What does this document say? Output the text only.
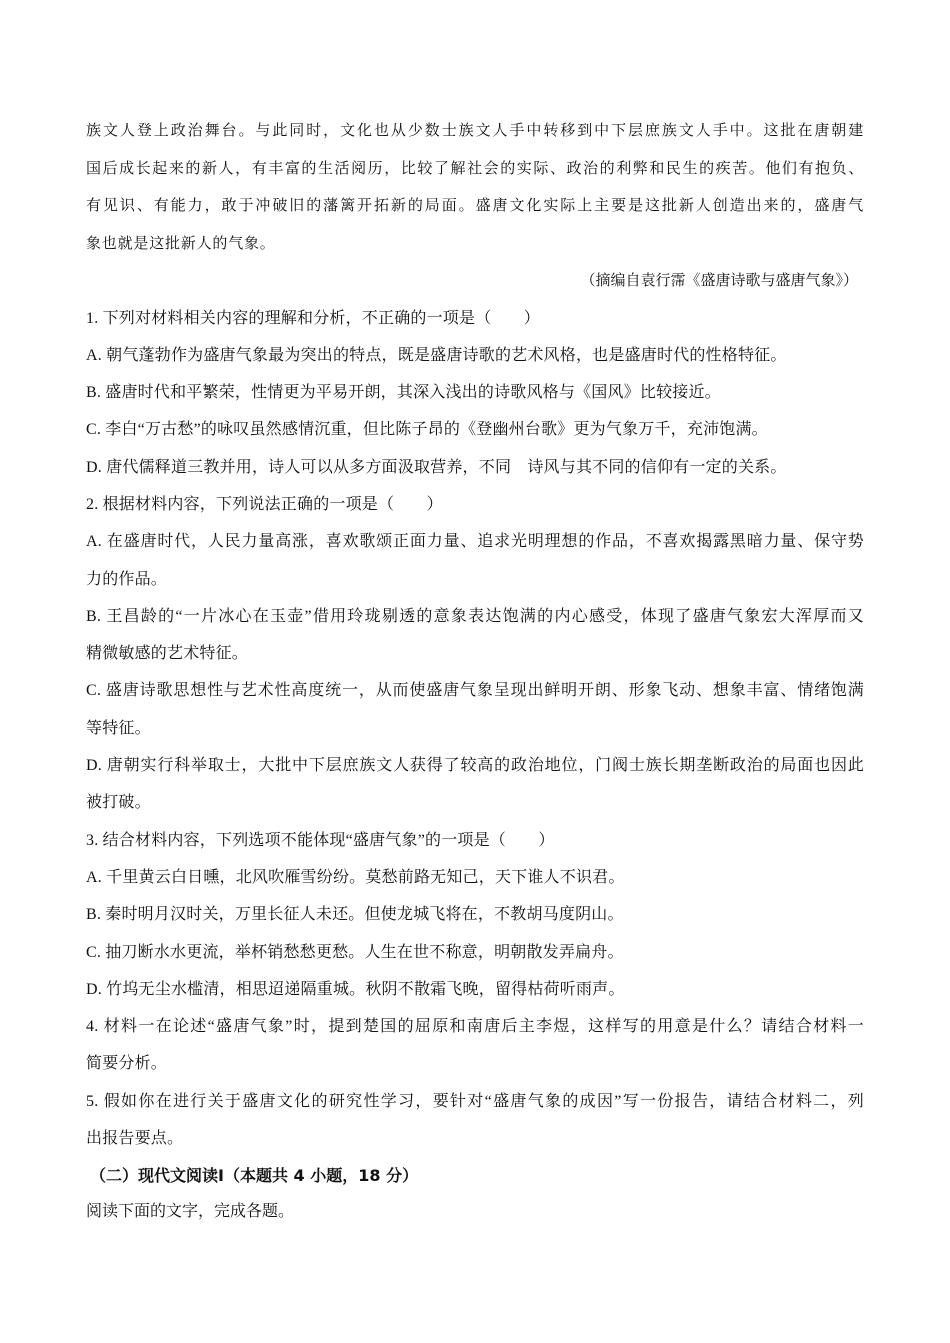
族文人登上政治舞台。与此同时，文化也从少数士族文人手中转移到中下层庶族文人手中。这批在唐朝建

国后成长起来的新人，有丰富的生活阅历，比较了解社会的实际、政治的利弊和民生的疾苦。他们有抱负、

有见识、有能力，敢于冲破旧的藩篱开拓新的局面。盛唐文化实际上主要是这批新人创造出来的，盛唐气

象也就是这批新人的气象。

（摘编自袁行霈《盛唐诗歌与盛唐气象》）

1. 下列对材料相关内容的理解和分析，不正确的一项是（　　）

A. 朝气蓬勃作为盛唐气象最为突出的特点，既是盛唐诗歌的艺术风格，也是盛唐时代的性格特征。

B. 盛唐时代和平繁荣，性情更为平易开朗，其深入浅出的诗歌风格与《国风》比较接近。

C. 李白“万古愁”的咏叹虽然感情沉重，但比陈子昂的《登幽州台歌》更为气象万千，充沛饱满。

D. 唐代儒释道三教并用，诗人可以从多方面汲取营养，不同　诗风与其不同的信仰有一定的关系。

2. 根据材料内容，下列说法正确的一项是（　　）

A. 在盛唐时代，人民力量高涨，喜欢歌颂正面力量、追求光明理想的作品，不喜欢揭露黑暗力量、保守势

力的作品。

B. 王昌龄的“一片冰心在玉壶”借用玲珑剔透的意象表达饱满的内心感受，体现了盛唐气象宏大浑厚而又

精微敏感的艺术特征。

C. 盛唐诗歌思想性与艺术性高度统一，从而使盛唐气象呈现出鲜明开朗、形象飞动、想象丰富、情绪饱满

等特征。

D. 唐朝实行科举取士，大批中下层庶族文人获得了较高的政治地位，门阀士族长期垄断政治的局面也因此

被打破。

3. 结合材料内容，下列选项不能体现“盛唐气象”的一项是（　　）

A. 千里黄云白日曛，北风吹雁雪纷纷。莫愁前路无知己，天下谁人不识君。

B. 秦时明月汉时关，万里长征人未还。但使龙城飞将在，不教胡马度阴山。

C. 抽刀断水水更流，举杯销愁愁更愁。人生在世不称意，明朝散发弄扁舟。

D. 竹坞无尘水槛清，相思迢递隔重城。秋阴不散霜飞晚，留得枯荷听雨声。

4. 材料一在论述“盛唐气象”时，提到楚国的屈原和南唐后主李煜，这样写的用意是什么？请结合材料一

简要分析。

5. 假如你在进行关于盛唐文化的研究性学习，要针对“盛唐气象的成因”写一份报告，请结合材料二，列

出报告要点。

（二）现代文阅读Ⅰ（本题共 4 小题，18 分）

阅读下面的文字，完成各题。
